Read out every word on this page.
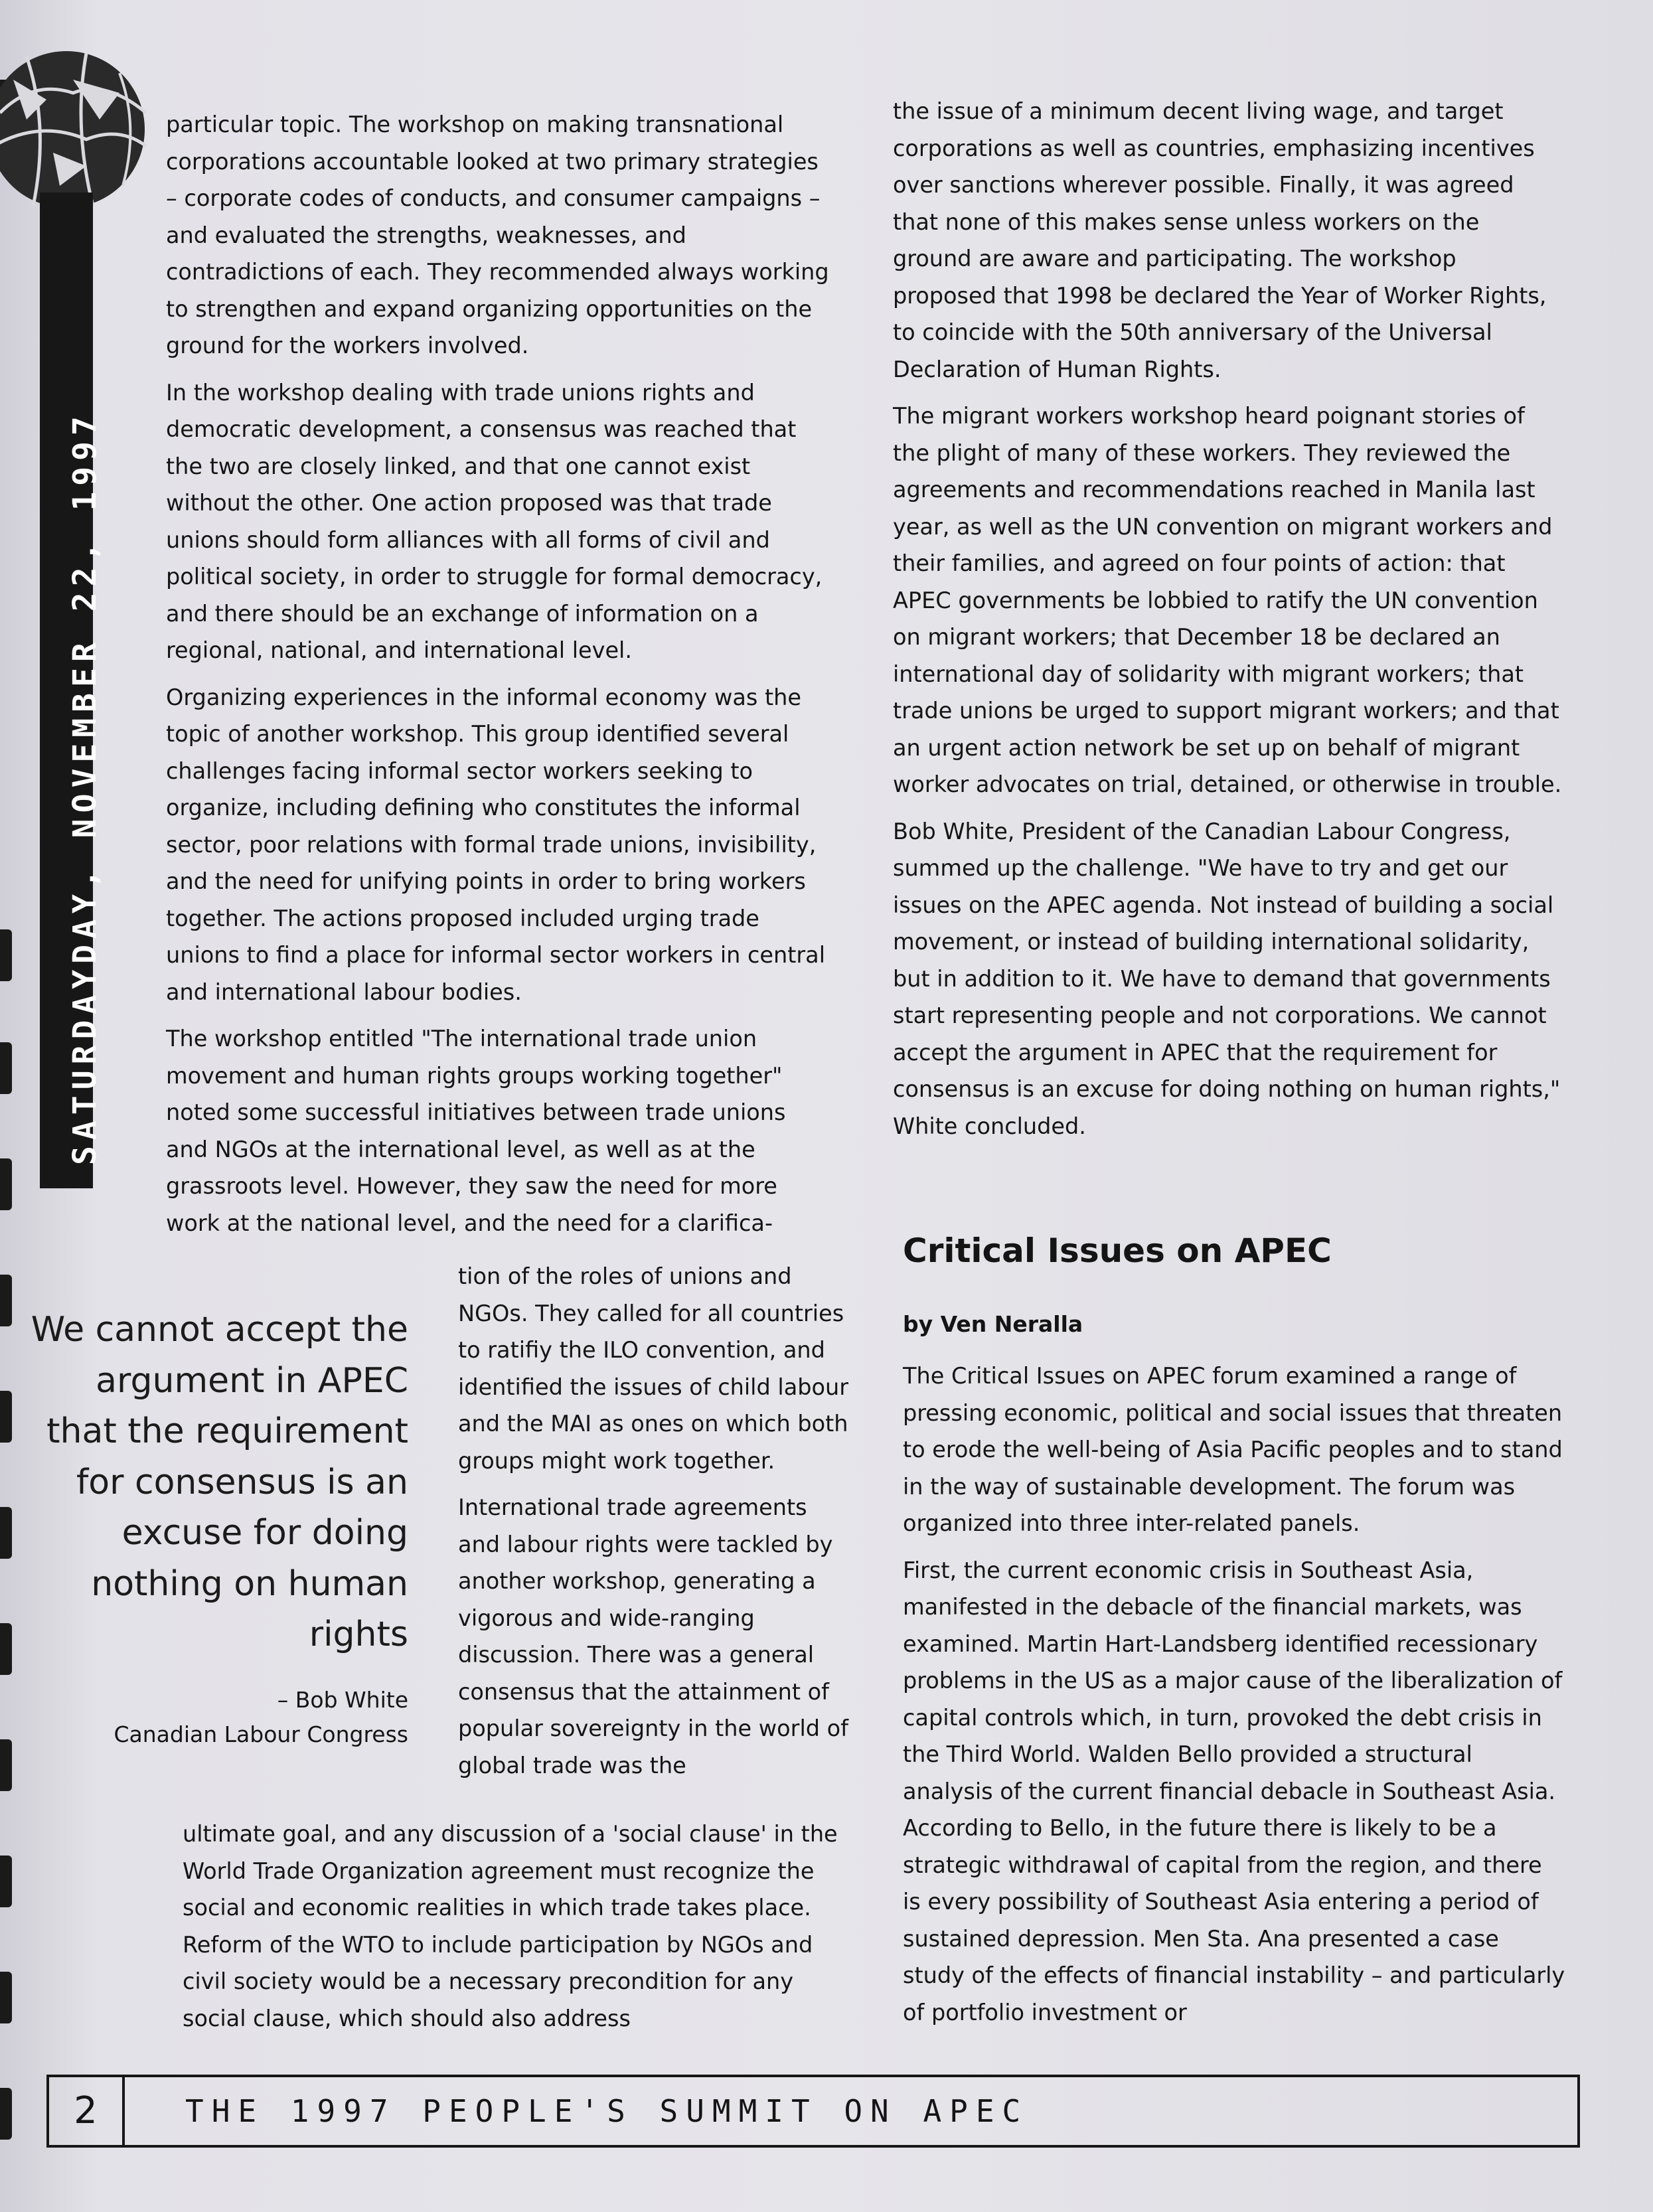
SATURDAYDAY, NOVEMBER 22, 1997

particular topic. The workshop on making transnational corporations accountable looked at two primary strategies – corporate codes of conducts, and consumer campaigns – and evaluated the strengths, weaknesses, and contradictions of each. They recommended always working to strengthen and expand organizing opportunities on the ground for the workers involved.

In the workshop dealing with trade unions rights and democratic development, a consensus was reached that the two are closely linked, and that one cannot exist without the other. One action proposed was that trade unions should form alliances with all forms of civil and political society, in order to struggle for formal democracy, and there should be an exchange of information on a regional, national, and international level.

Organizing experiences in the informal economy was the topic of another workshop. This group identified several challenges facing informal sector workers seeking to organize, including defining who constitutes the informal sector, poor relations with formal trade unions, invisibility, and the need for unifying points in order to bring workers together. The actions proposed included urging trade unions to find a place for informal sector workers in central and international labour bodies.

The workshop entitled "The international trade union movement and human rights groups working together" noted some successful initiatives between trade unions and NGOs at the international level, as well as at the grassroots level. However, they saw the need for more work at the national level, and the need for a clarifica-

tion of the roles of unions and NGOs. They called for all countries to ratifiy the ILO convention, and identified the issues of child labour and the MAI as ones on which both groups might work together.

International trade agreements and labour rights were tackled by another workshop, generating a vigorous and wide-ranging discussion. There was a general consensus that the attainment of popular sovereignty in the world of global trade was the

ultimate goal, and any discussion of a 'social clause' in the World Trade Organization agreement must recognize the social and economic realities in which trade takes place. Reform of the WTO to include participation by NGOs and civil society would be a necessary precondition for any social clause, which should also address

We cannot accept the argument in APEC that the requirement for consensus is an excuse for doing nothing on human rights
– Bob White
Canadian Labour Congress

the issue of a minimum decent living wage, and target corporations as well as countries, emphasizing incentives over sanctions wherever possible. Finally, it was agreed that none of this makes sense unless workers on the ground are aware and participating. The workshop proposed that 1998 be declared the Year of Worker Rights, to coincide with the 50th anniversary of the Universal Declaration of Human Rights.

The migrant workers workshop heard poignant stories of the plight of many of these workers. They reviewed the agreements and recommendations reached in Manila last year, as well as the UN convention on migrant workers and their families, and agreed on four points of action: that APEC governments be lobbied to ratify the UN convention on migrant workers; that December 18 be declared an international day of solidarity with migrant workers; that trade unions be urged to support migrant workers; and that an urgent action network be set up on behalf of migrant worker advocates on trial, detained, or otherwise in trouble.

Bob White, President of the Canadian Labour Congress, summed up the challenge. "We have to try and get our issues on the APEC agenda. Not instead of building a social movement, or instead of building international solidarity, but in addition to it. We have to demand that governments start representing people and not corporations. We cannot accept the argument in APEC that the requirement for consensus is an excuse for doing nothing on human rights," White concluded.

Critical Issues on APEC
by Ven Neralla

The Critical Issues on APEC forum examined a range of pressing economic, political and social issues that threaten to erode the well-being of Asia Pacific peoples and to stand in the way of sustainable development. The forum was organized into three inter-related panels.

First, the current economic crisis in Southeast Asia, manifested in the debacle of the financial markets, was examined. Martin Hart-Landsberg identified recessionary problems in the US as a major cause of the liberalization of capital controls which, in turn, provoked the debt crisis in the Third World. Walden Bello provided a structural analysis of the current financial debacle in Southeast Asia. According to Bello, in the future there is likely to be a strategic withdrawal of capital from the region, and there is every possibility of Southeast Asia entering a period of sustained depression. Men Sta. Ana presented a case study of the effects of financial instability – and particularly of portfolio investment or

2	THE 1997 PEOPLE'S SUMMIT ON APEC
